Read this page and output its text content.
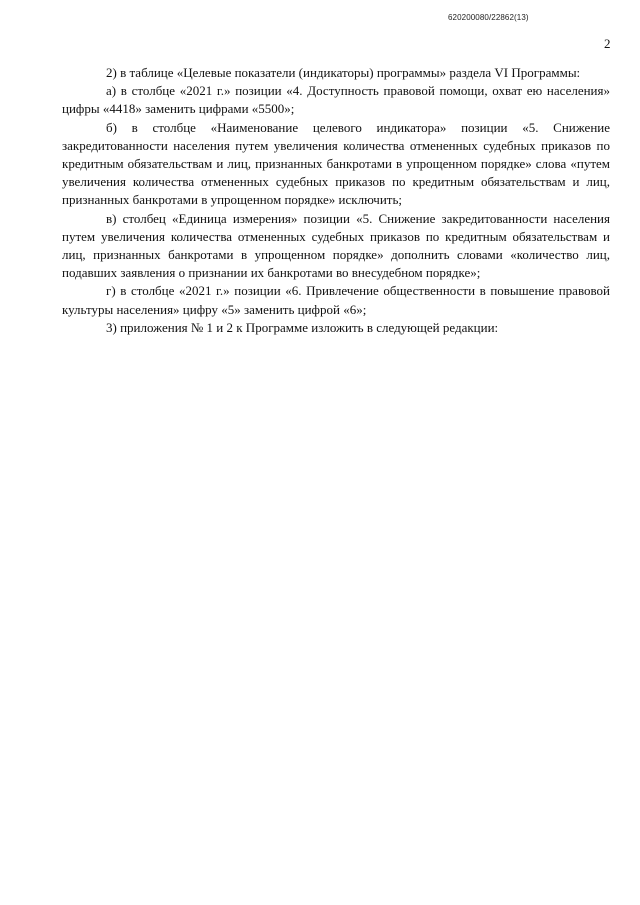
620200080/22862(13)
2

2) в таблице «Целевые показатели (индикаторы) программы» раздела VI Программы:

а) в столбце «2021 г.» позиции «4. Доступность правовой помощи, охват ею населения» цифры «4418» заменить цифрами «5500»;

б) в столбце «Наименование целевого индикатора» позиции «5. Снижение закредитованности населения путем увеличения количества отмененных судебных приказов по кредитным обязательствам и лиц, признанных банкротами в упрощенном порядке» слова «путем увеличения количества отмененных судебных приказов по кредитным обязательствам и лиц, признанных банкротами в упрощенном порядке» исключить;

в) столбец «Единица измерения» позиции «5. Снижение закредитованности населения путем увеличения количества отмененных судебных приказов по кредитным обязательствам и лиц, признанных банкротами в упрощенном порядке» дополнить словами «количество лиц, подавших заявления о признании их банкротами во внесудебном порядке»;

г) в столбце «2021 г.» позиции «6. Привлечение общественности в повышение правовой культуры населения» цифру «5» заменить цифрой «6»;

3) приложения № 1 и 2 к Программе изложить в следующей редакции:
